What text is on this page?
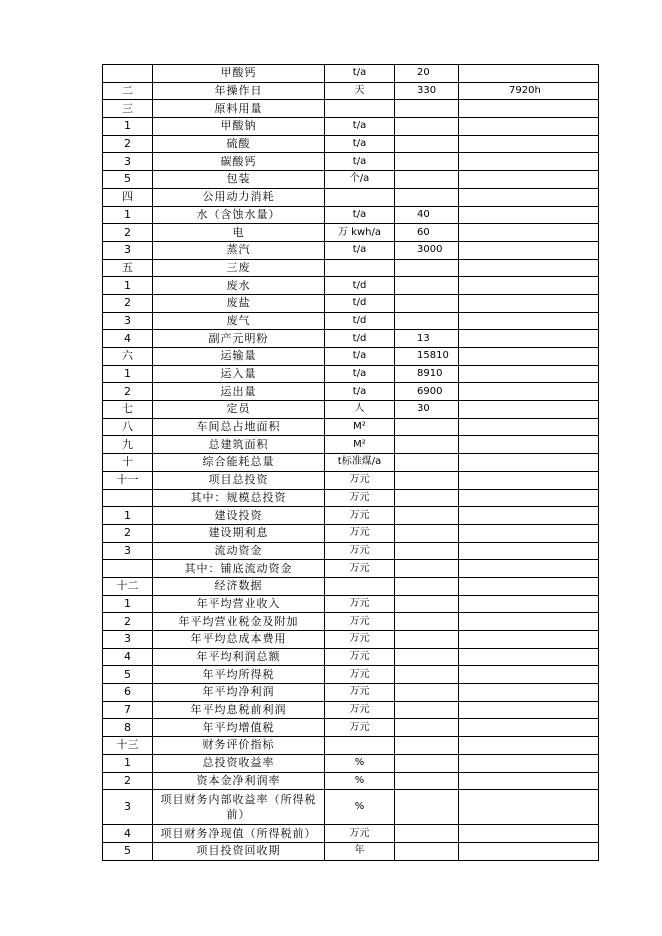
	甲酸钙	t/a	20	
二	年操作日	天	330	7920h
三	原料用量			
1	甲酸钠	t/a		
2	硫酸	t/a		
3	碳酸钙	t/a		
5	包装	个/a		
四	公用动力消耗			
1	水（含蚀水量）	t/a	40	
2	电	万 kwh/a	60	
3	蒸汽	t/a	3000	
五	三废			
1	废水	t/d		
2	废盐	t/d		
3	废气	t/d		
4	副产元明粉	t/d	13	
六	运输量	t/a	15810	
1	运入量	t/a	8910	
2	运出量	t/a	6900	
七	定员	人	30	
八	车间总占地面积	M²		
九	总建筑面积	M²		
十	综合能耗总量	t标准煤/a		
十一	项目总投资	万元		
	其中：规模总投资	万元		
1	建设投资	万元		
2	建设期利息	万元		
3	流动资金	万元		
	其中：铺底流动资金	万元		
十二	经济数据			
1	年平均营业收入	万元		
2	年平均营业税金及附加	万元		
3	年平均总成本费用	万元		
4	年平均利润总额	万元		
5	年平均所得税	万元		
6	年平均净利润	万元		
7	年平均息税前利润	万元		
8	年平均增值税	万元		
十三	财务评价指标			
1	总投资收益率	%		
2	资本金净利润率	%		
3	项目财务内部收益率（所得税前）	%		
4	项目财务净现值（所得税前）	万元		
5	项目投资回收期	年		
